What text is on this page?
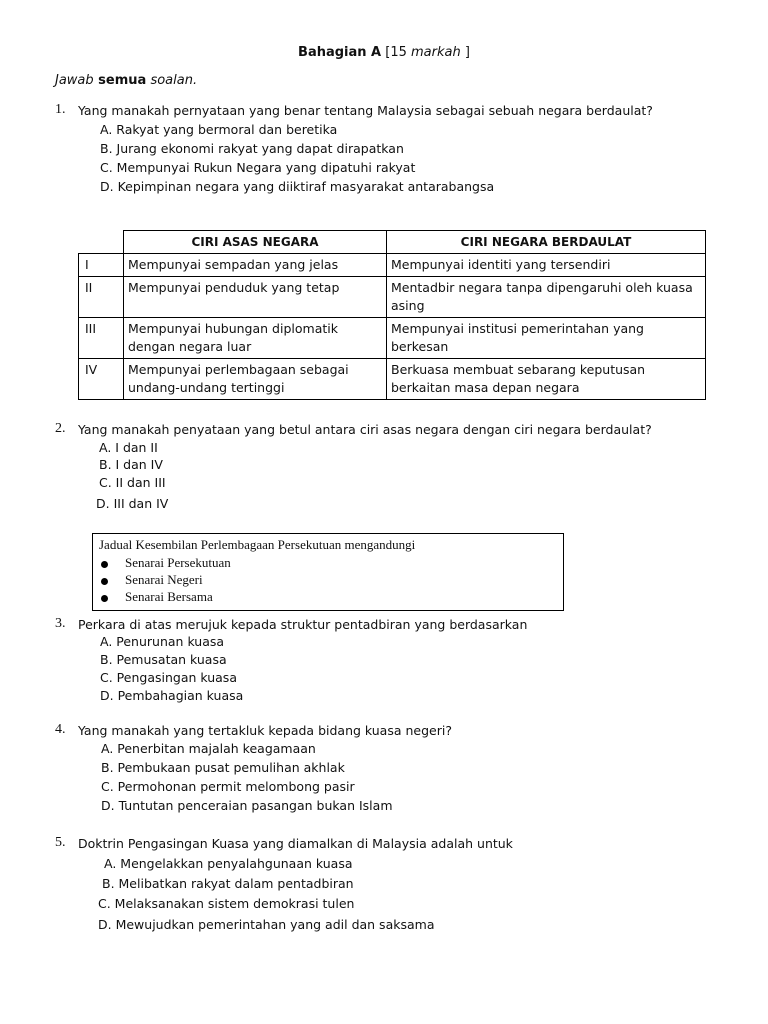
Bahagian A [15 markah ]
Jawab semua soalan.
1. Yang manakah pernyataan yang benar tentang Malaysia sebagai sebuah negara berdaulat?
A. Rakyat yang bermoral dan beretika
B. Jurang ekonomi rakyat yang dapat dirapatkan
C. Mempunyai Rukun Negara yang dipatuhi rakyat
D. Kepimpinan negara yang diiktiraf masyarakat antarabangsa
	CIRI ASAS NEGARA	CIRI NEGARA BERDAULAT
I	Mempunyai sempadan yang jelas	Mempunyai identiti yang tersendiri
II	Mempunyai penduduk yang tetap	Mentadbir negara tanpa dipengaruhi oleh kuasa asing
III	Mempunyai hubungan diplomatik dengan negara luar	Mempunyai institusi pemerintahan yang berkesan
IV	Mempunyai perlembagaan sebagai undang-undang tertinggi	Berkuasa membuat sebarang keputusan berkaitan masa depan negara
2. Yang manakah penyataan yang betul antara ciri asas negara dengan ciri negara berdaulat?
A. I dan II
B. I dan IV
C. II dan III
D. III dan IV
Jadual Kesembilan Perlembagaan Persekutuan mengandungi
Senarai Persekutuan
Senarai Negeri
Senarai Bersama
3. Perkara di atas merujuk kepada struktur pentadbiran yang berdasarkan
A. Penurunan kuasa
B. Pemusatan kuasa
C. Pengasingan kuasa
D. Pembahagian kuasa
4. Yang manakah yang tertakluk kepada bidang kuasa negeri?
A. Penerbitan majalah keagamaan
B. Pembukaan pusat pemulihan akhlak
C. Permohonan permit melombong pasir
D. Tuntutan penceraian pasangan bukan Islam
5. Doktrin Pengasingan Kuasa yang diamalkan di Malaysia adalah untuk
A. Mengelakkan penyalahgunaan kuasa
B. Melibatkan rakyat dalam pentadbiran
C. Melaksanakan sistem demokrasi tulen
D. Mewujudkan pemerintahan yang adil dan saksama
